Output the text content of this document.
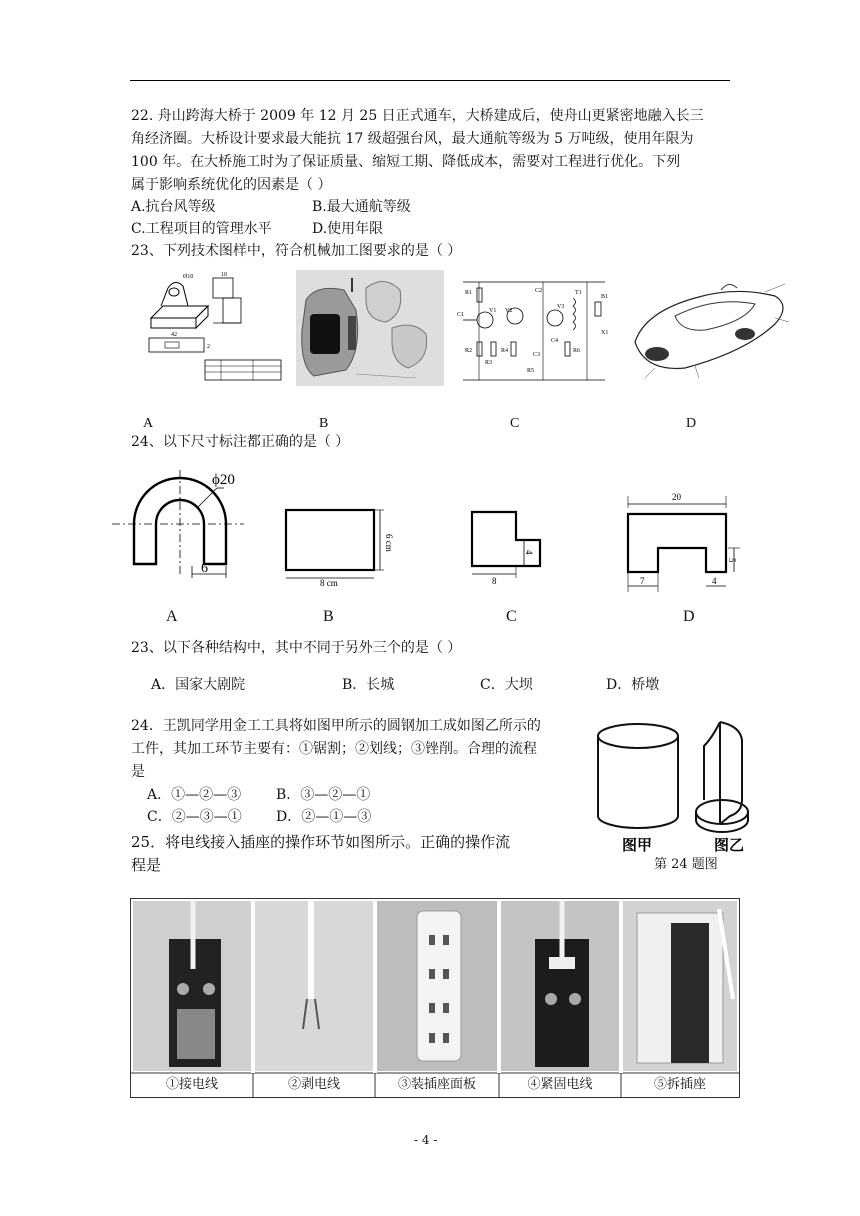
22. 舟山跨海大桥于 2009 年 12 月 25 日正式通车，大桥建成后，使舟山更紧密地融入长三
角经济圈。大桥设计要求最大能抗 17 级超强台风，最大通航等级为 5 万吨级，使用年限为
100 年。在大桥施工时为了保证质量、缩短工期、降低成本，需要对工程进行优化。下列
属于影响系统优化的因素是（ ）
A.抗台风等级	B.最大通航等级
C.工程项目的管理水平	D.使用年限
23、下列技术图样中，符合机械加工图要求的是（ ）
10
Ø10
42
2
R1	C2	T1
B1
C1
V1 V2
V3
X1
R2
R3
R4
C3
C4
R5
R6
A	B	C	D
24、以下尺寸标注都正确的是（ ）
ϕ20
6
8 cm
6 cm
8
4
20
7	4
5
A	B	C	D
23、以下各种结构中，其中不同于另外三个的是（ ）
A．国家大剧院	B．长城	C．大坝	D．桥墩
24．王凯同学用金工工具将如图甲所示的圆钢加工成如图乙所示的
工件，其加工环节主要有：①锯割；②划线；③锉削。合理的流程
是
A．①—②—③ B．③—②—①
C．②—③—① D．②—①—③
图甲	图乙
第 24 题图
25．将电线接入插座的操作环节如图所示。正确的操作流
程是
①接电线	②剥电线	③装插座面板	④紧固电线	⑤拆插座
- 4 -
